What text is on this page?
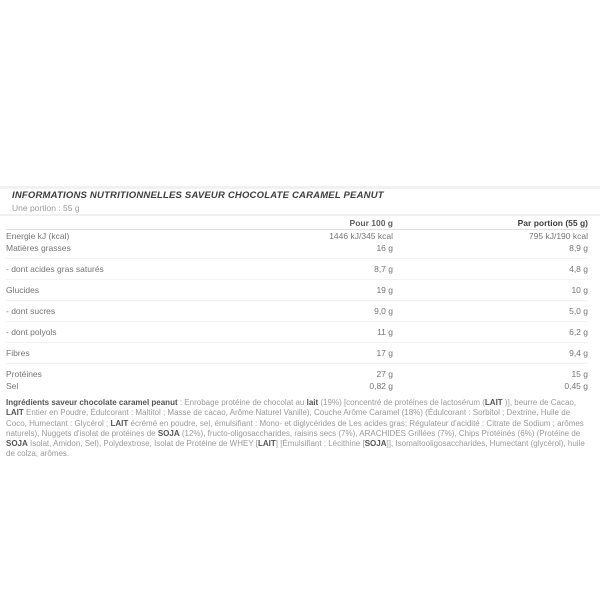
INFORMATIONS NUTRITIONNELLES SAVEUR CHOCOLATE CARAMEL PEANUT
Une portion : 55 g
Pour 100 g	Par portion (55 g)
Energie kJ (kcal)	1446 kJ/345 kcal	795 kJ/190 kcal
Matières grasses	16 g	8,9 g
- dont acides gras saturés	8,7 g	4,8 g
Glucides	19 g	10 g
- dont sucres	9,0 g	5,0 g
- dont polyols	11 g	6,2 g
Fibres	17 g	9,4 g
Protéines	27 g	15 g
Sel	0,82 g	0,45 g

Ingrédients saveur chocolate caramel peanut : Enrobage protéine de chocolat au lait (19%) [concentré de protéines de lactosérum (LAIT )], beurre de Cacao, LAIT Entier en Poudre, Édulcorant : Maltitol ; Masse de cacao, Arôme Naturel Vanille), Couche Arôme Caramel (18%) (Édulcorant : Sorbitol ; Dextrine, Huile de Coco, Humectant : Glycérol ; LAIT écrémé en poudre, sel, émulsifiant : Mono- et diglycérides de Les acides gras; Régulateur d'acidité : Citrate de Sodium ; arômes naturels), Nuggets d'isolat de protéines de SOJA (12%), fructo-oligosaccharides, raisins secs (7%), ARACHIDES Grillées (7%), Chips Protéinés (6%) (Protéine de SOJA Isolat, Amidon, Sel), Polydextrose, Isolat de Protéine de WHEY [LAIT] [Émulsifiant : Lécithine [SOJA]], Isomaltooligosaccharides, Humectant (glycérol), huile de colza, arômes.
